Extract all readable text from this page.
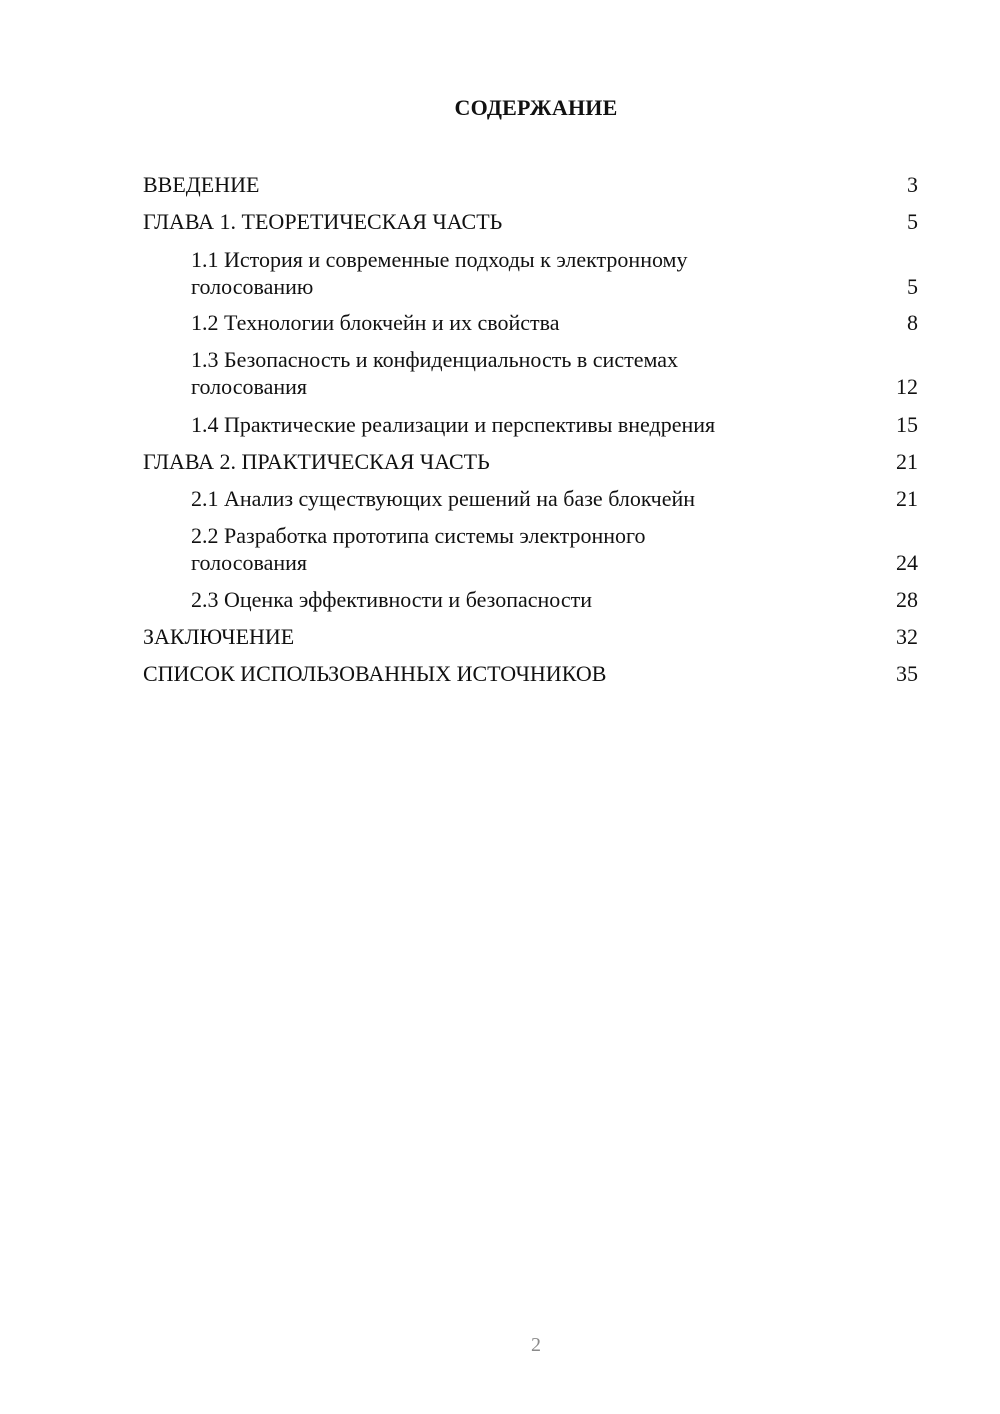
СОДЕРЖАНИЕ
ВВЕДЕНИЕ	3
ГЛАВА 1. ТЕОРЕТИЧЕСКАЯ ЧАСТЬ	5
1.1 История и современные подходы к электронному
голосованию	5
1.2 Технологии блокчейн и их свойства	8
1.3 Безопасность и конфиденциальность в системах
голосования	12
1.4 Практические реализации и перспективы внедрения	15
ГЛАВА 2. ПРАКТИЧЕСКАЯ ЧАСТЬ	21
2.1 Анализ существующих решений на базе блокчейн	21
2.2 Разработка прототипа системы электронного
голосования	24
2.3 Оценка эффективности и безопасности	28
ЗАКЛЮЧЕНИЕ	32
СПИСОК ИСПОЛЬЗОВАННЫХ ИСТОЧНИКОВ	35
2
